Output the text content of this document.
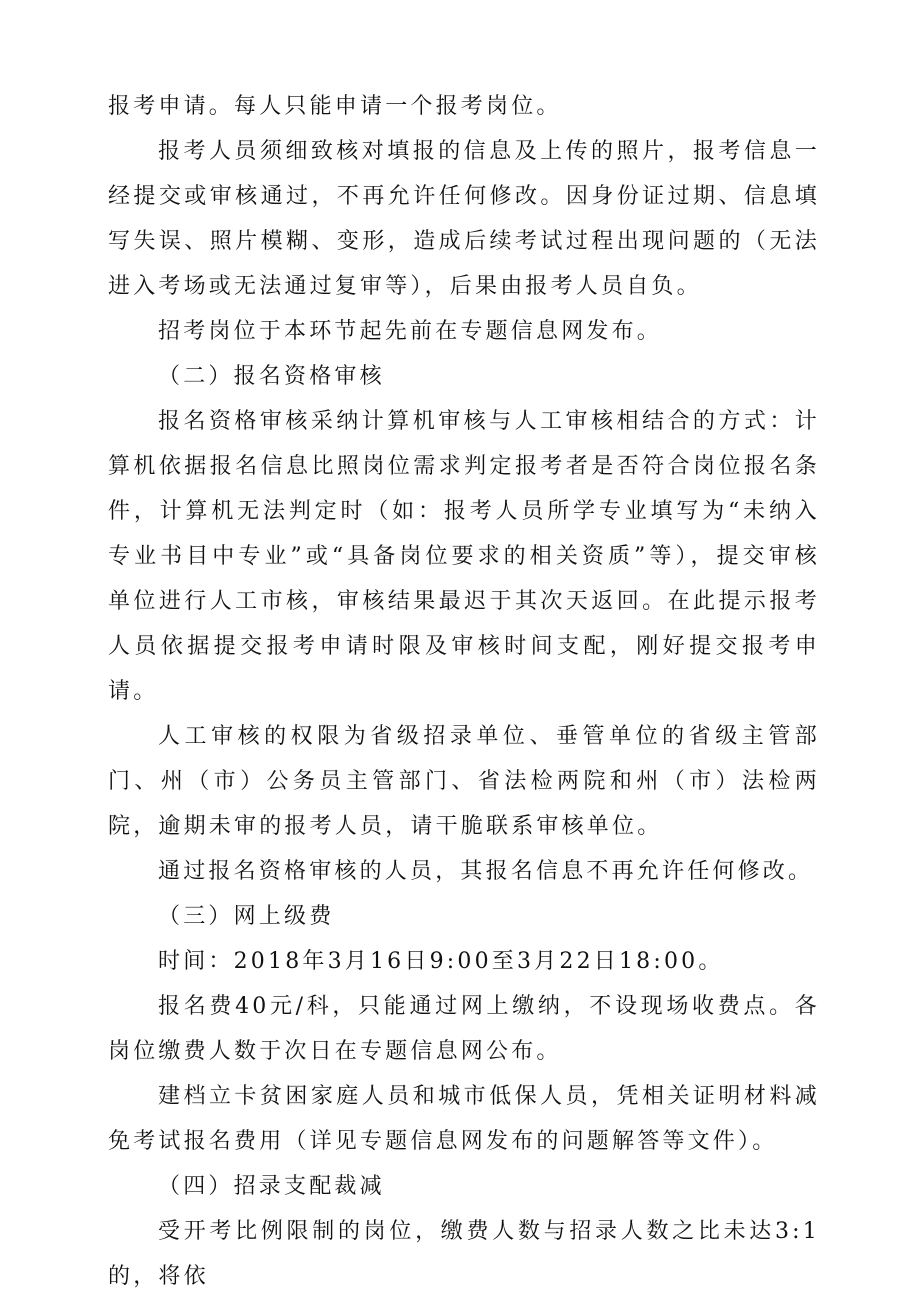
报考申请。每人只能申请一个报考岗位。

报考人员须细致核对填报的信息及上传的照片，报考信息一经提交或审核通过，不再允许任何修改。因身份证过期、信息填写失误、照片模糊、变形，造成后续考试过程出现问题的（无法进入考场或无法通过复审等），后果由报考人员自负。

招考岗位于本环节起先前在专题信息网发布。

（二）报名资格审核

报名资格审核采纳计算机审核与人工审核相结合的方式：计算机依据报名信息比照岗位需求判定报考者是否符合岗位报名条件，计算机无法判定时（如：报考人员所学专业填写为“未纳入专业书目中专业”或“具备岗位要求的相关资质”等），提交审核单位进行人工市核，审核结果最迟于其次天返回。在此提示报考人员依据提交报考申请时限及审核时间支配，刚好提交报考申请。

人工审核的权限为省级招录单位、垂管单位的省级主管部门、州（市）公务员主管部门、省法检两院和州（市）法检两院，逾期未审的报考人员，请干脆联系审核单位。

通过报名资格审核的人员，其报名信息不再允许任何修改。

（三）网上级费

时间：2018年3月16日9:00至3月22日18:00。

报名费40元/科，只能通过网上缴纳，不设现场收费点。各岗位缴费人数于次日在专题信息网公布。

建档立卡贫困家庭人员和城市低保人员，凭相关证明材料减免考试报名费用（详见专题信息网发布的问题解答等文件）。

（四）招录支配裁减

受开考比例限制的岗位，缴费人数与招录人数之比未达3:1的，将依
